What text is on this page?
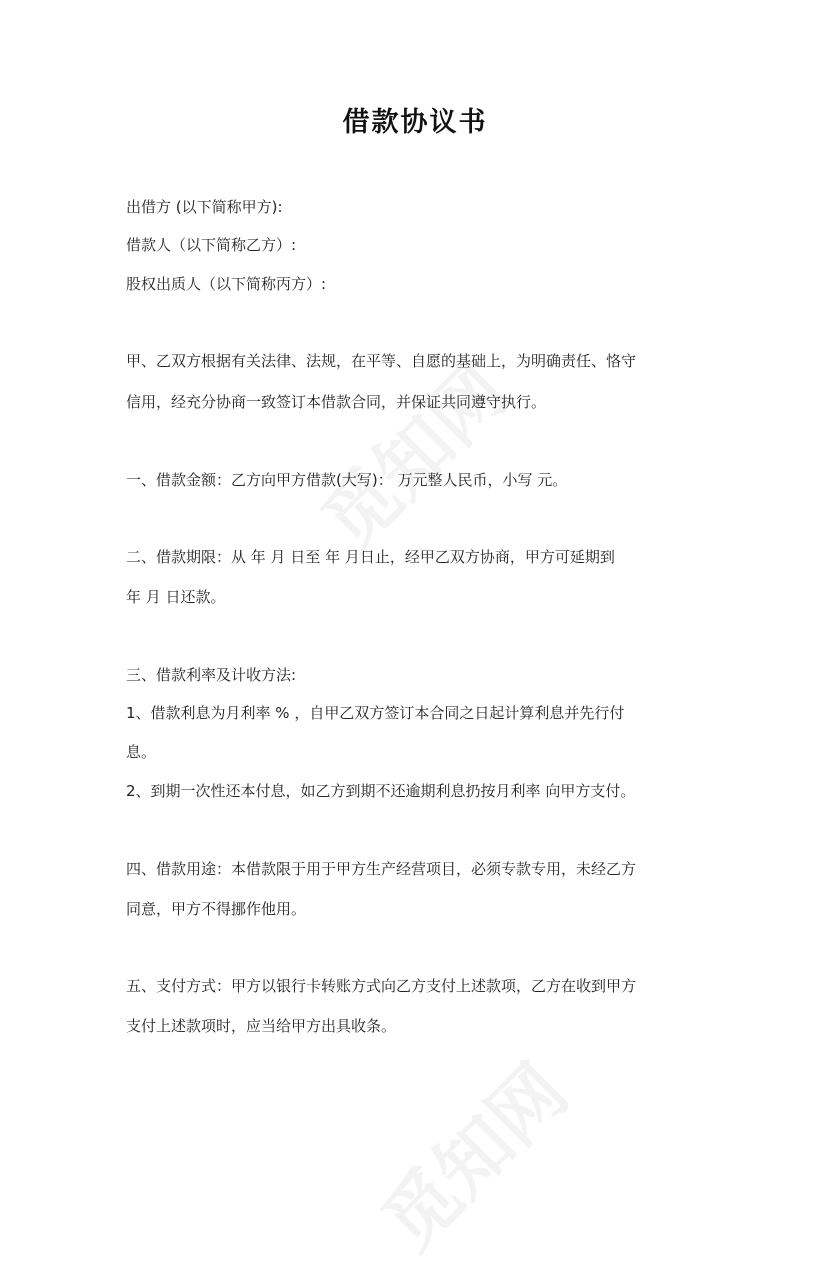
借款协议书
出借方 (以下简称甲方):
借款人（以下简称乙方）:
股权出质人（以下简称丙方）:
甲、乙双方根据有关法律、法规，在平等、自愿的基础上，为明确责任、恪守
信用，经充分协商一致签订本借款合同，并保证共同遵守执行。
一、借款金额：乙方向甲方借款(大写)： 万元整人民币，小写 元。
二、借款期限：从 年 月 日至 年 月日止，经甲乙双方协商，甲方可延期到
年 月 日还款。
三、借款利率及计收方法:
1、借款利息为月利率 % ，自甲乙双方签订本合同之日起计算利息并先行付
息。
2、到期一次性还本付息，如乙方到期不还逾期利息扔按月利率 向甲方支付。
四、借款用途：本借款限于用于甲方生产经营项目，必须专款专用，未经乙方
同意，甲方不得挪作他用。
五、支付方式：甲方以银行卡转账方式向乙方支付上述款项，乙方在收到甲方
支付上述款项时，应当给甲方出具收条。
